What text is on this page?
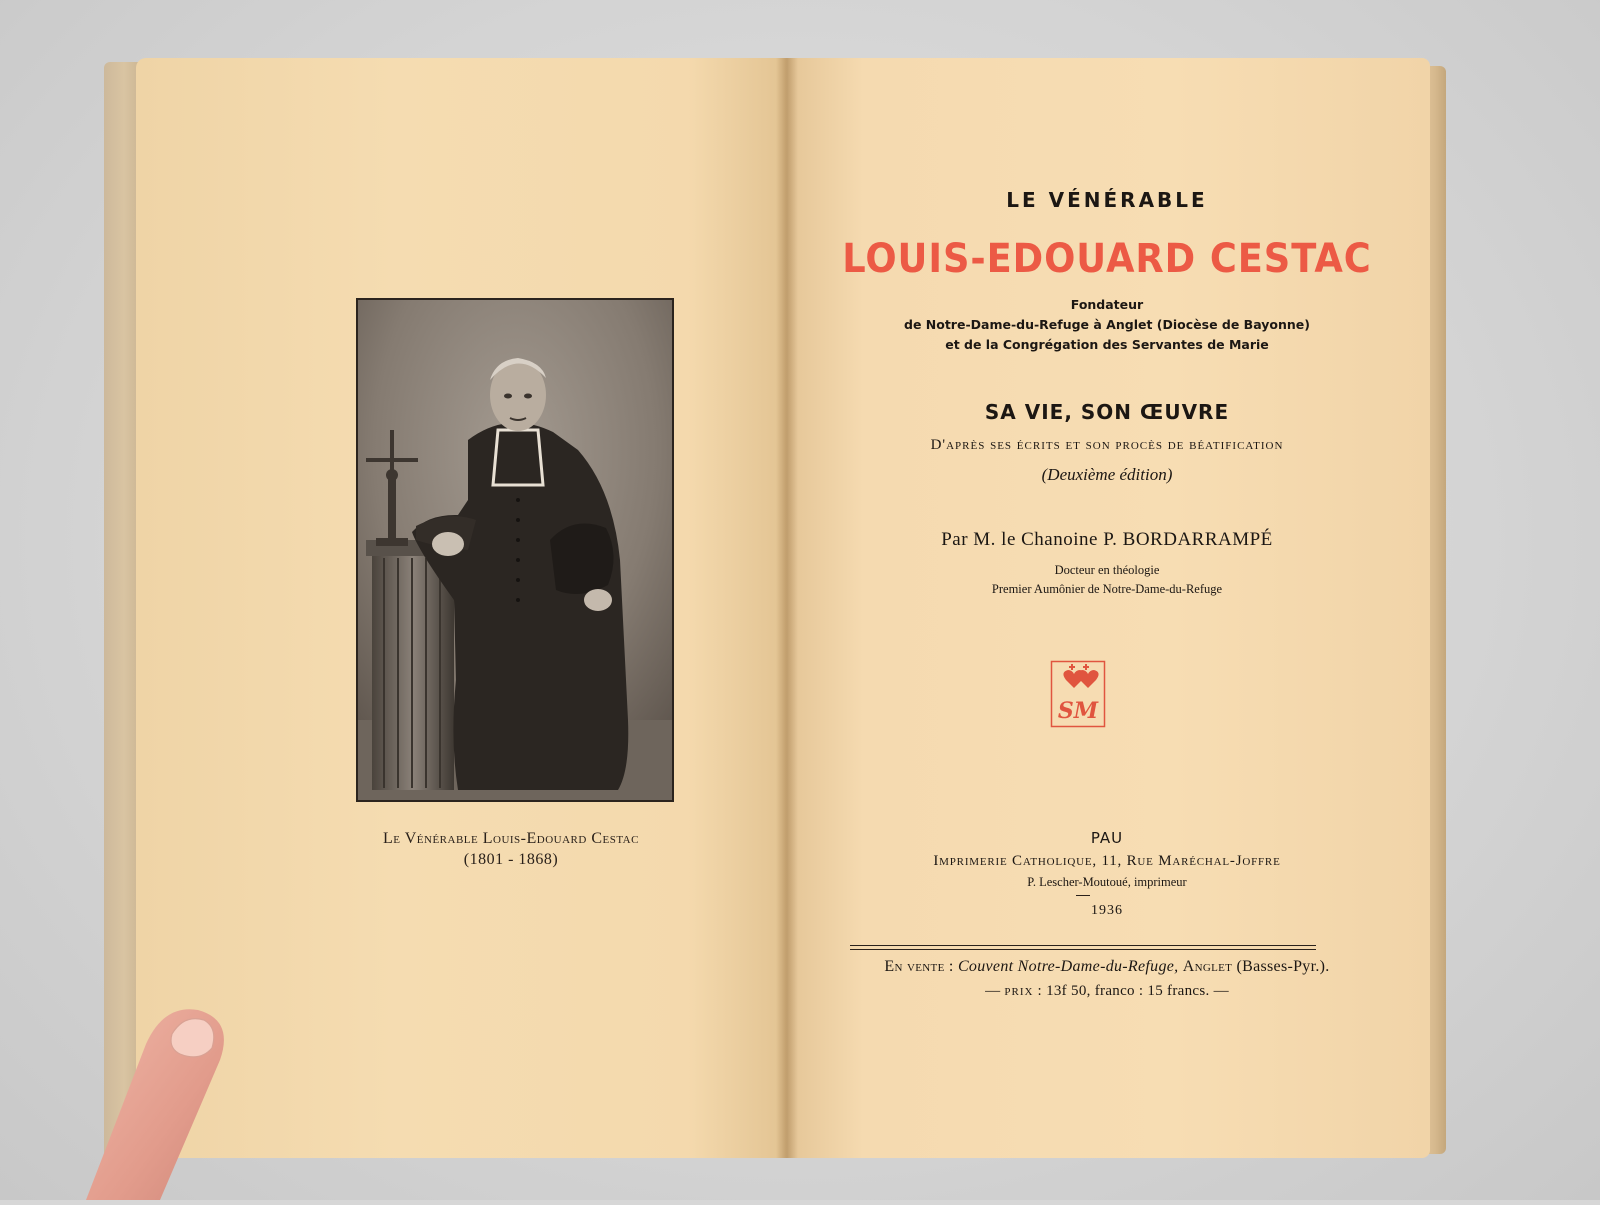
Le Vénérable Louis-Edouard Cestac
(1801 - 1868)
LE VÉNÉRABLE
LOUIS-EDOUARD CESTAC
Fondateur
de Notre-Dame-du-Refuge à Anglet (Diocèse de Bayonne)
et de la Congrégation des Servantes de Marie
SA VIE, SON ŒUVRE
D'après ses écrits et son procès de béatification
(Deuxième édition)
Par M. le Chanoine P. BORDARRAMPÉ
Docteur en théologie
Premier Aumônier de Notre-Dame-du-Refuge
SM
PAU
Imprimerie Catholique, 11, Rue Maréchal-Joffre
P. Lescher-Moutoué, imprimeur
1936
En vente : Couvent Notre-Dame-du-Refuge, Anglet (Basses-Pyr.).
— prix : 13f 50, franco : 15 francs. —
